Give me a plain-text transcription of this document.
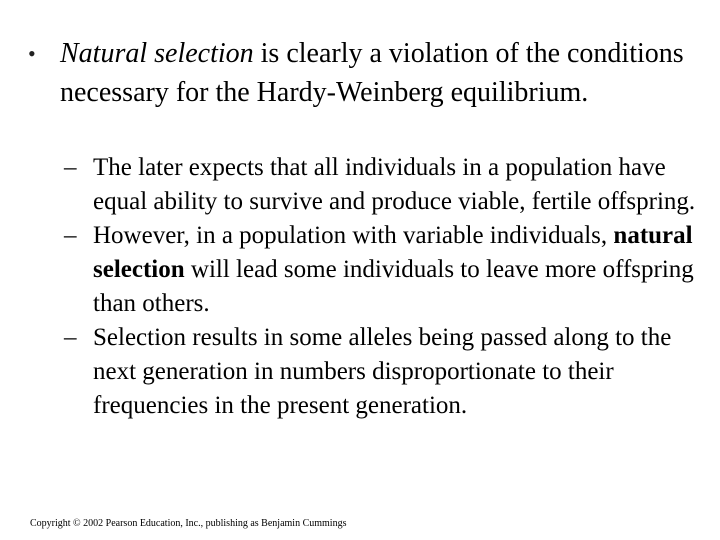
• Natural selection is clearly a violation of the conditions necessary for the Hardy-Weinberg equilibrium.
– The later expects that all individuals in a population have equal ability to survive and produce viable, fertile offspring.
– However, in a population with variable individuals, natural selection will lead some individuals to leave more offspring than others.
– Selection results in some alleles being passed along to the next generation in numbers disproportionate to their frequencies in the present generation.
Copyright © 2002 Pearson Education, Inc., publishing as Benjamin Cummings
